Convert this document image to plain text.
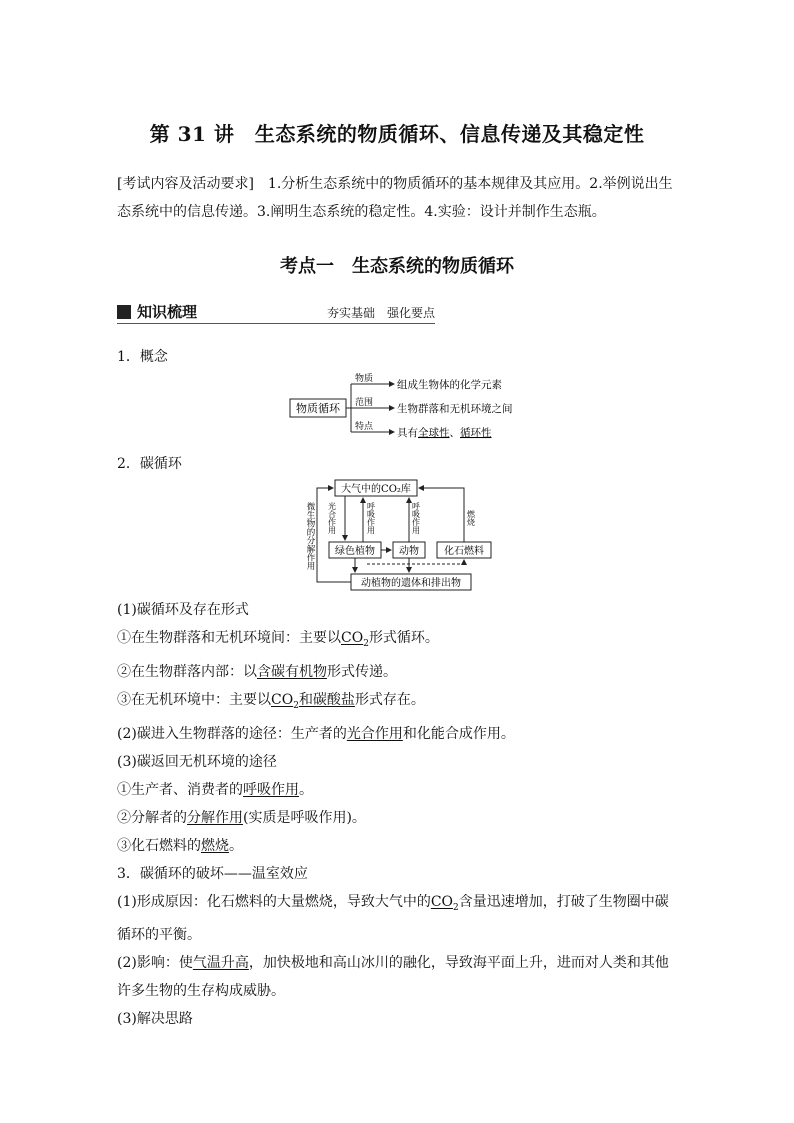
第 31 讲　生态系统的物质循环、信息传递及其稳定性
[考试内容及活动要求]　1.分析生态系统中的物质循环的基本规律及其应用。2.举例说出生态系统中的信息传递。3.阐明生态系统的稳定性。4.实验：设计并制作生态瓶。
考点一　生态系统的物质循环
知识梳理	夯实基础　强化要点
1．概念
物质循环
物质
范围
特点
组成生物体的化学元素
生物群落和无机环境之间
具有全球性、循环性
2．碳循环
大气中的CO₂库
绿色植物 动物	化石燃料
动植物的遗体和排出物
微生物的分解作用 光合作用	呼吸作用	呼吸作用	燃烧
(1)碳循环及存在形式
①在生物群落和无机环境间：主要以$CO_2$形式循环。
②在生物群落内部：以含碳有机物形式传递。
③在无机环境中：主要以$CO_2$和碳酸盐形式存在。
(2)碳进入生物群落的途径：生产者的光合作用和化能合成作用。
(3)碳返回无机环境的途径
①生产者、消费者的呼吸作用。
②分解者的分解作用(实质是呼吸作用)。
③化石燃料的燃烧。
3．碳循环的破坏——温室效应
(1)形成原因：化石燃料的大量燃烧，导致大气中的$CO_2$含量迅速增加，打破了生物圈中碳循环的平衡。
(2)影响：使气温升高，加快极地和高山冰川的融化，导致海平面上升，进而对人类和其他许多生物的生存构成威胁。
(3)解决思路
